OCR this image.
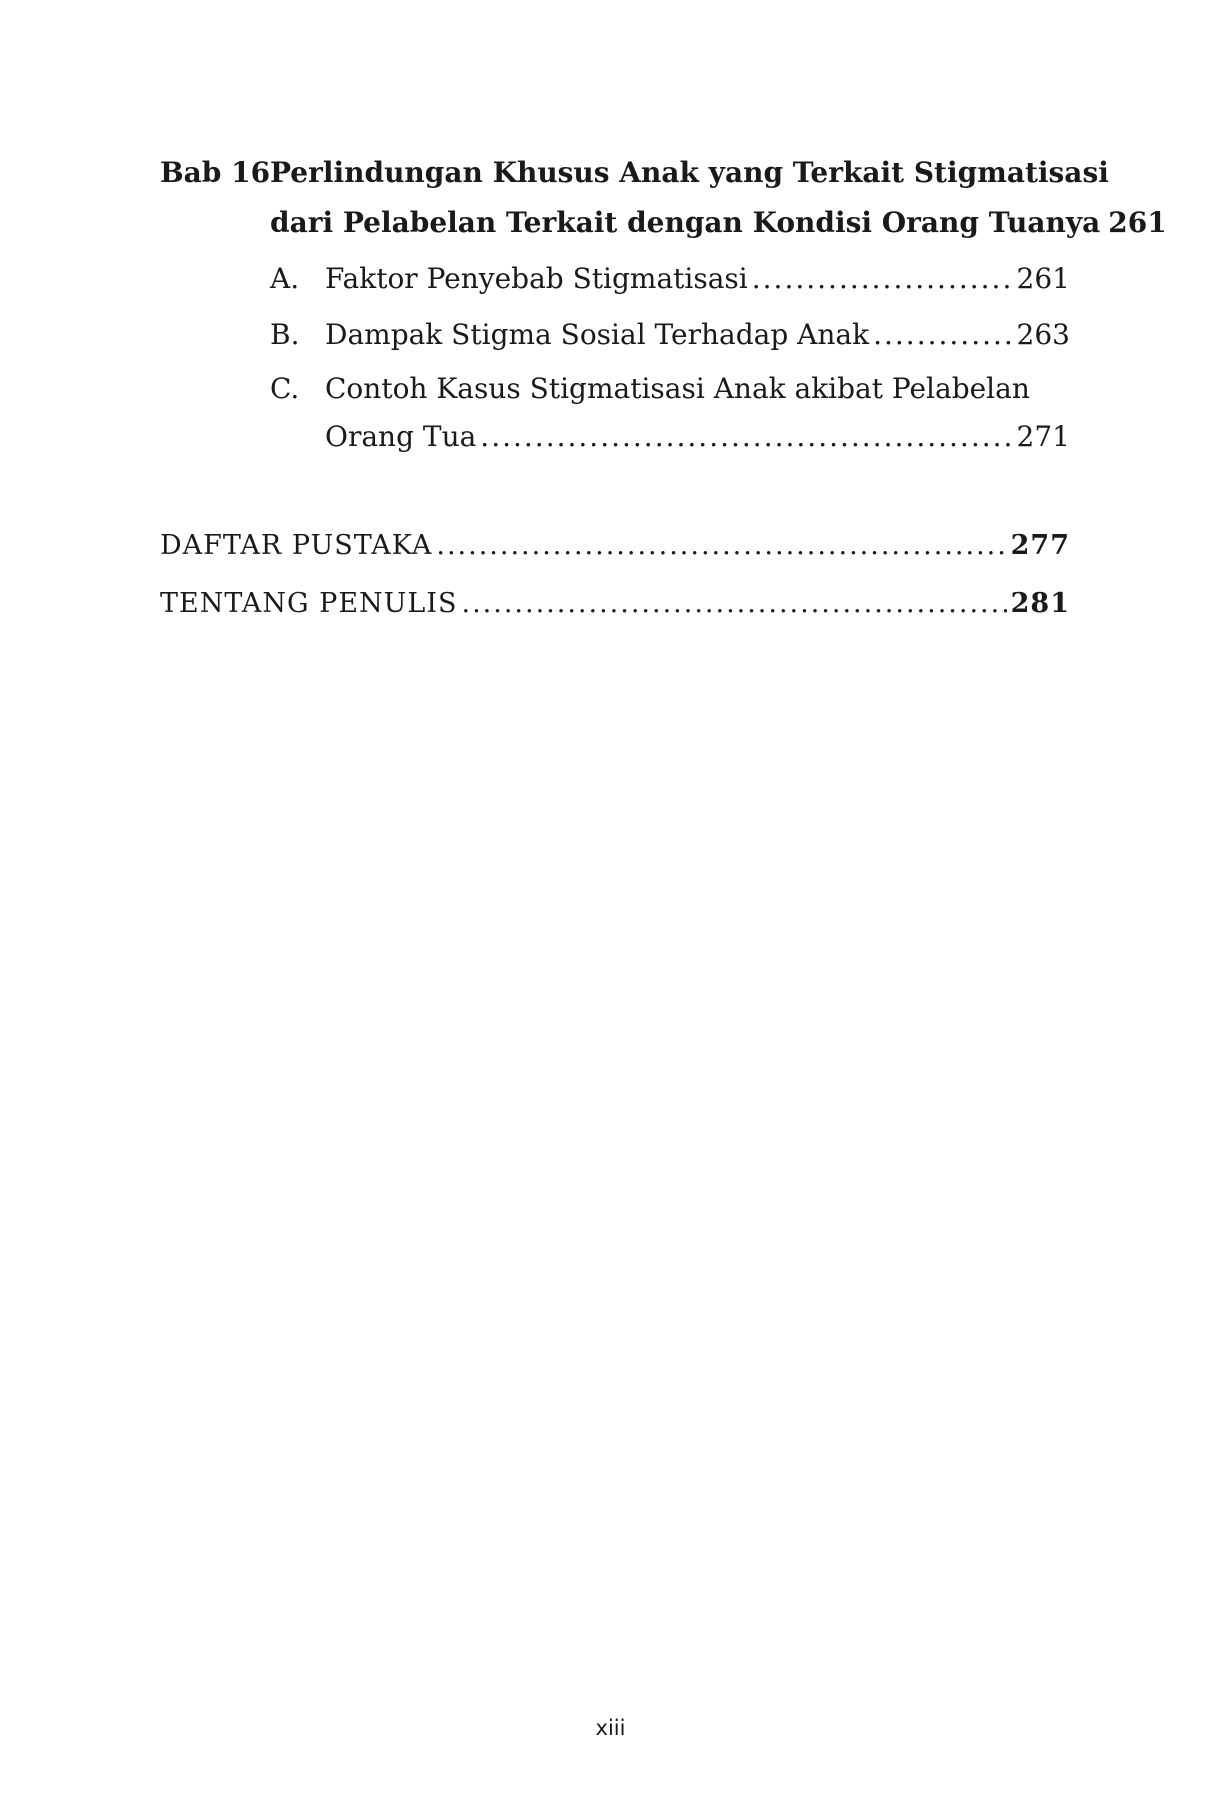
Bab 16 Perlindungan Khusus Anak yang Terkait Stigmatisasi
dari Pelabelan Terkait dengan Kondisi Orang Tuanya 261
A. Faktor Penyebab Stigmatisasi .....	261
B. Dampak Stigma Sosial Terhadap Anak .....	263
C. Contoh Kasus Stigmatisasi Anak akibat Pelabelan
Orang Tua .....	271
DAFTAR PUSTAKA .....	277
TENTANG PENULIS .....	281
xiii
